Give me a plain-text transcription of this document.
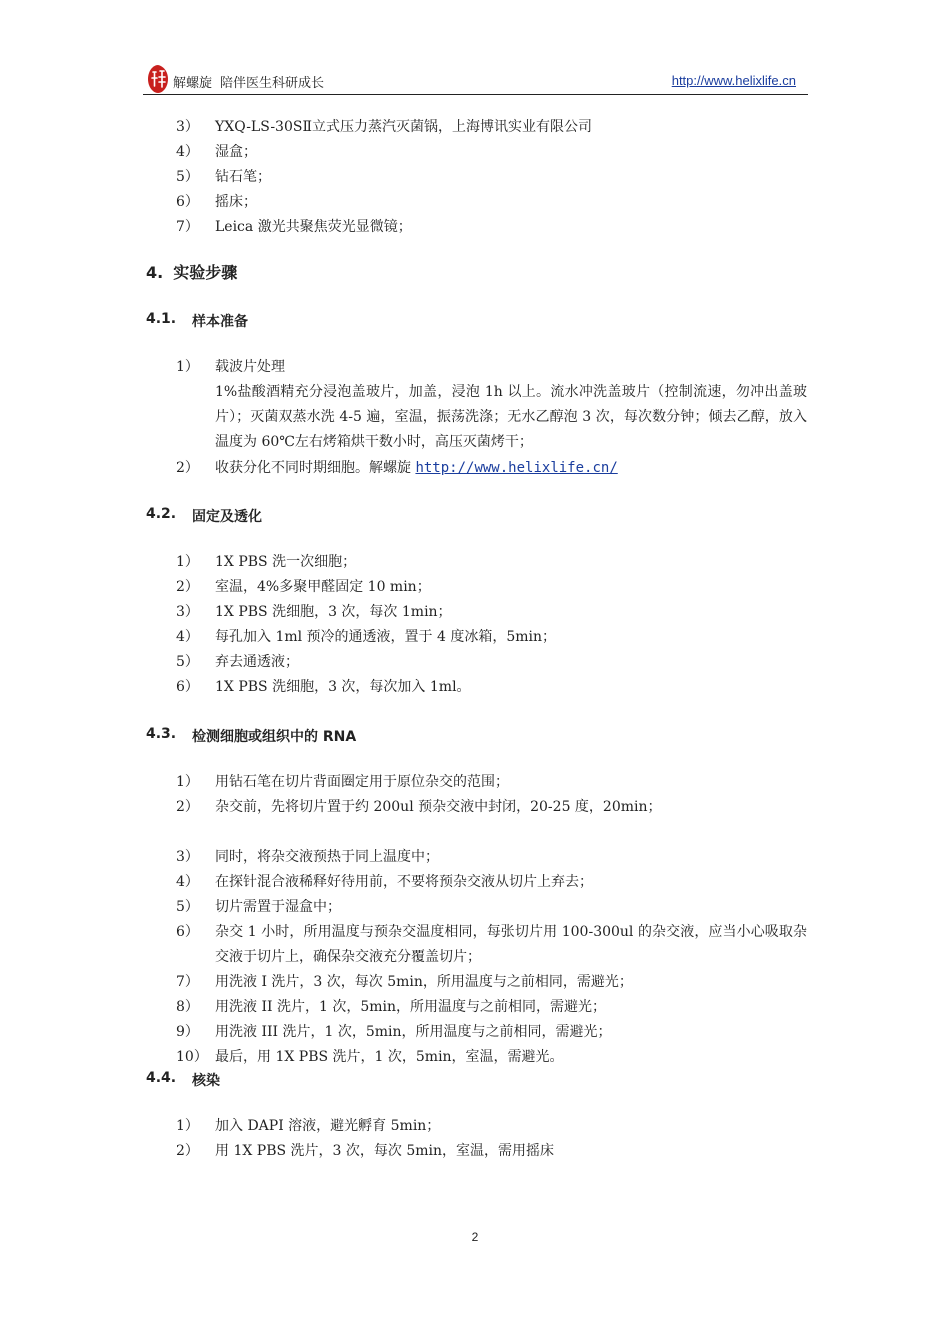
解螺旋 陪伴医生科研成长	http://www.helixlife.cn
3） YXQ-LS-30SⅡ立式压力蒸汽灭菌锅，上海博讯实业有限公司
4） 湿盒；
5） 钻石笔；
6） 摇床；
7） Leica 激光共聚焦荧光显微镜；
4. 实验步骤
4.1. 样本准备
1） 载波片处理
1%盐酸酒精充分浸泡盖玻片，加盖，浸泡 1h 以上。流水冲洗盖玻片（控制流速，勿冲出盖玻片）；灭菌双蒸水洗 4-5 遍，室温，振荡洗涤；无水乙醇泡 3 次，每次数分钟；倾去乙醇，放入温度为 60℃左右烤箱烘干数小时，高压灭菌烤干；
2） 收获分化不同时期细胞。解螺旋 http://www.helixlife.cn/
4.2. 固定及透化
1） 1X PBS 洗一次细胞；
2） 室温，4%多聚甲醛固定 10 min；
3） 1X PBS 洗细胞，3 次，每次 1min；
4） 每孔加入 1ml 预冷的通透液，置于 4 度冰箱，5min；
5） 弃去通透液；
6） 1X PBS 洗细胞，3 次，每次加入 1ml。
4.3. 检测细胞或组织中的 RNA
1） 用钻石笔在切片背面圈定用于原位杂交的范围；
2） 杂交前，先将切片置于约 200ul 预杂交液中封闭，20-25 度，20min；
3） 同时，将杂交液预热于同上温度中；
4） 在探针混合液稀释好待用前，不要将预杂交液从切片上弃去；
5） 切片需置于湿盒中；
6） 杂交 1 小时，所用温度与预杂交温度相同，每张切片用 100-300ul 的杂交液，应当小心吸取杂交液于切片上，确保杂交液充分覆盖切片；
7） 用洗液 I 洗片，3 次，每次 5min，所用温度与之前相同，需避光；
8） 用洗液 II 洗片，1 次，5min，所用温度与之前相同，需避光；
9） 用洗液 III 洗片，1 次，5min，所用温度与之前相同，需避光；
10） 最后，用 1X PBS 洗片，1 次，5min，室温，需避光。
4.4. 核染
1） 加入 DAPI 溶液，避光孵育 5min；
2） 用 1X PBS 洗片，3 次，每次 5min，室温，需用摇床
2
